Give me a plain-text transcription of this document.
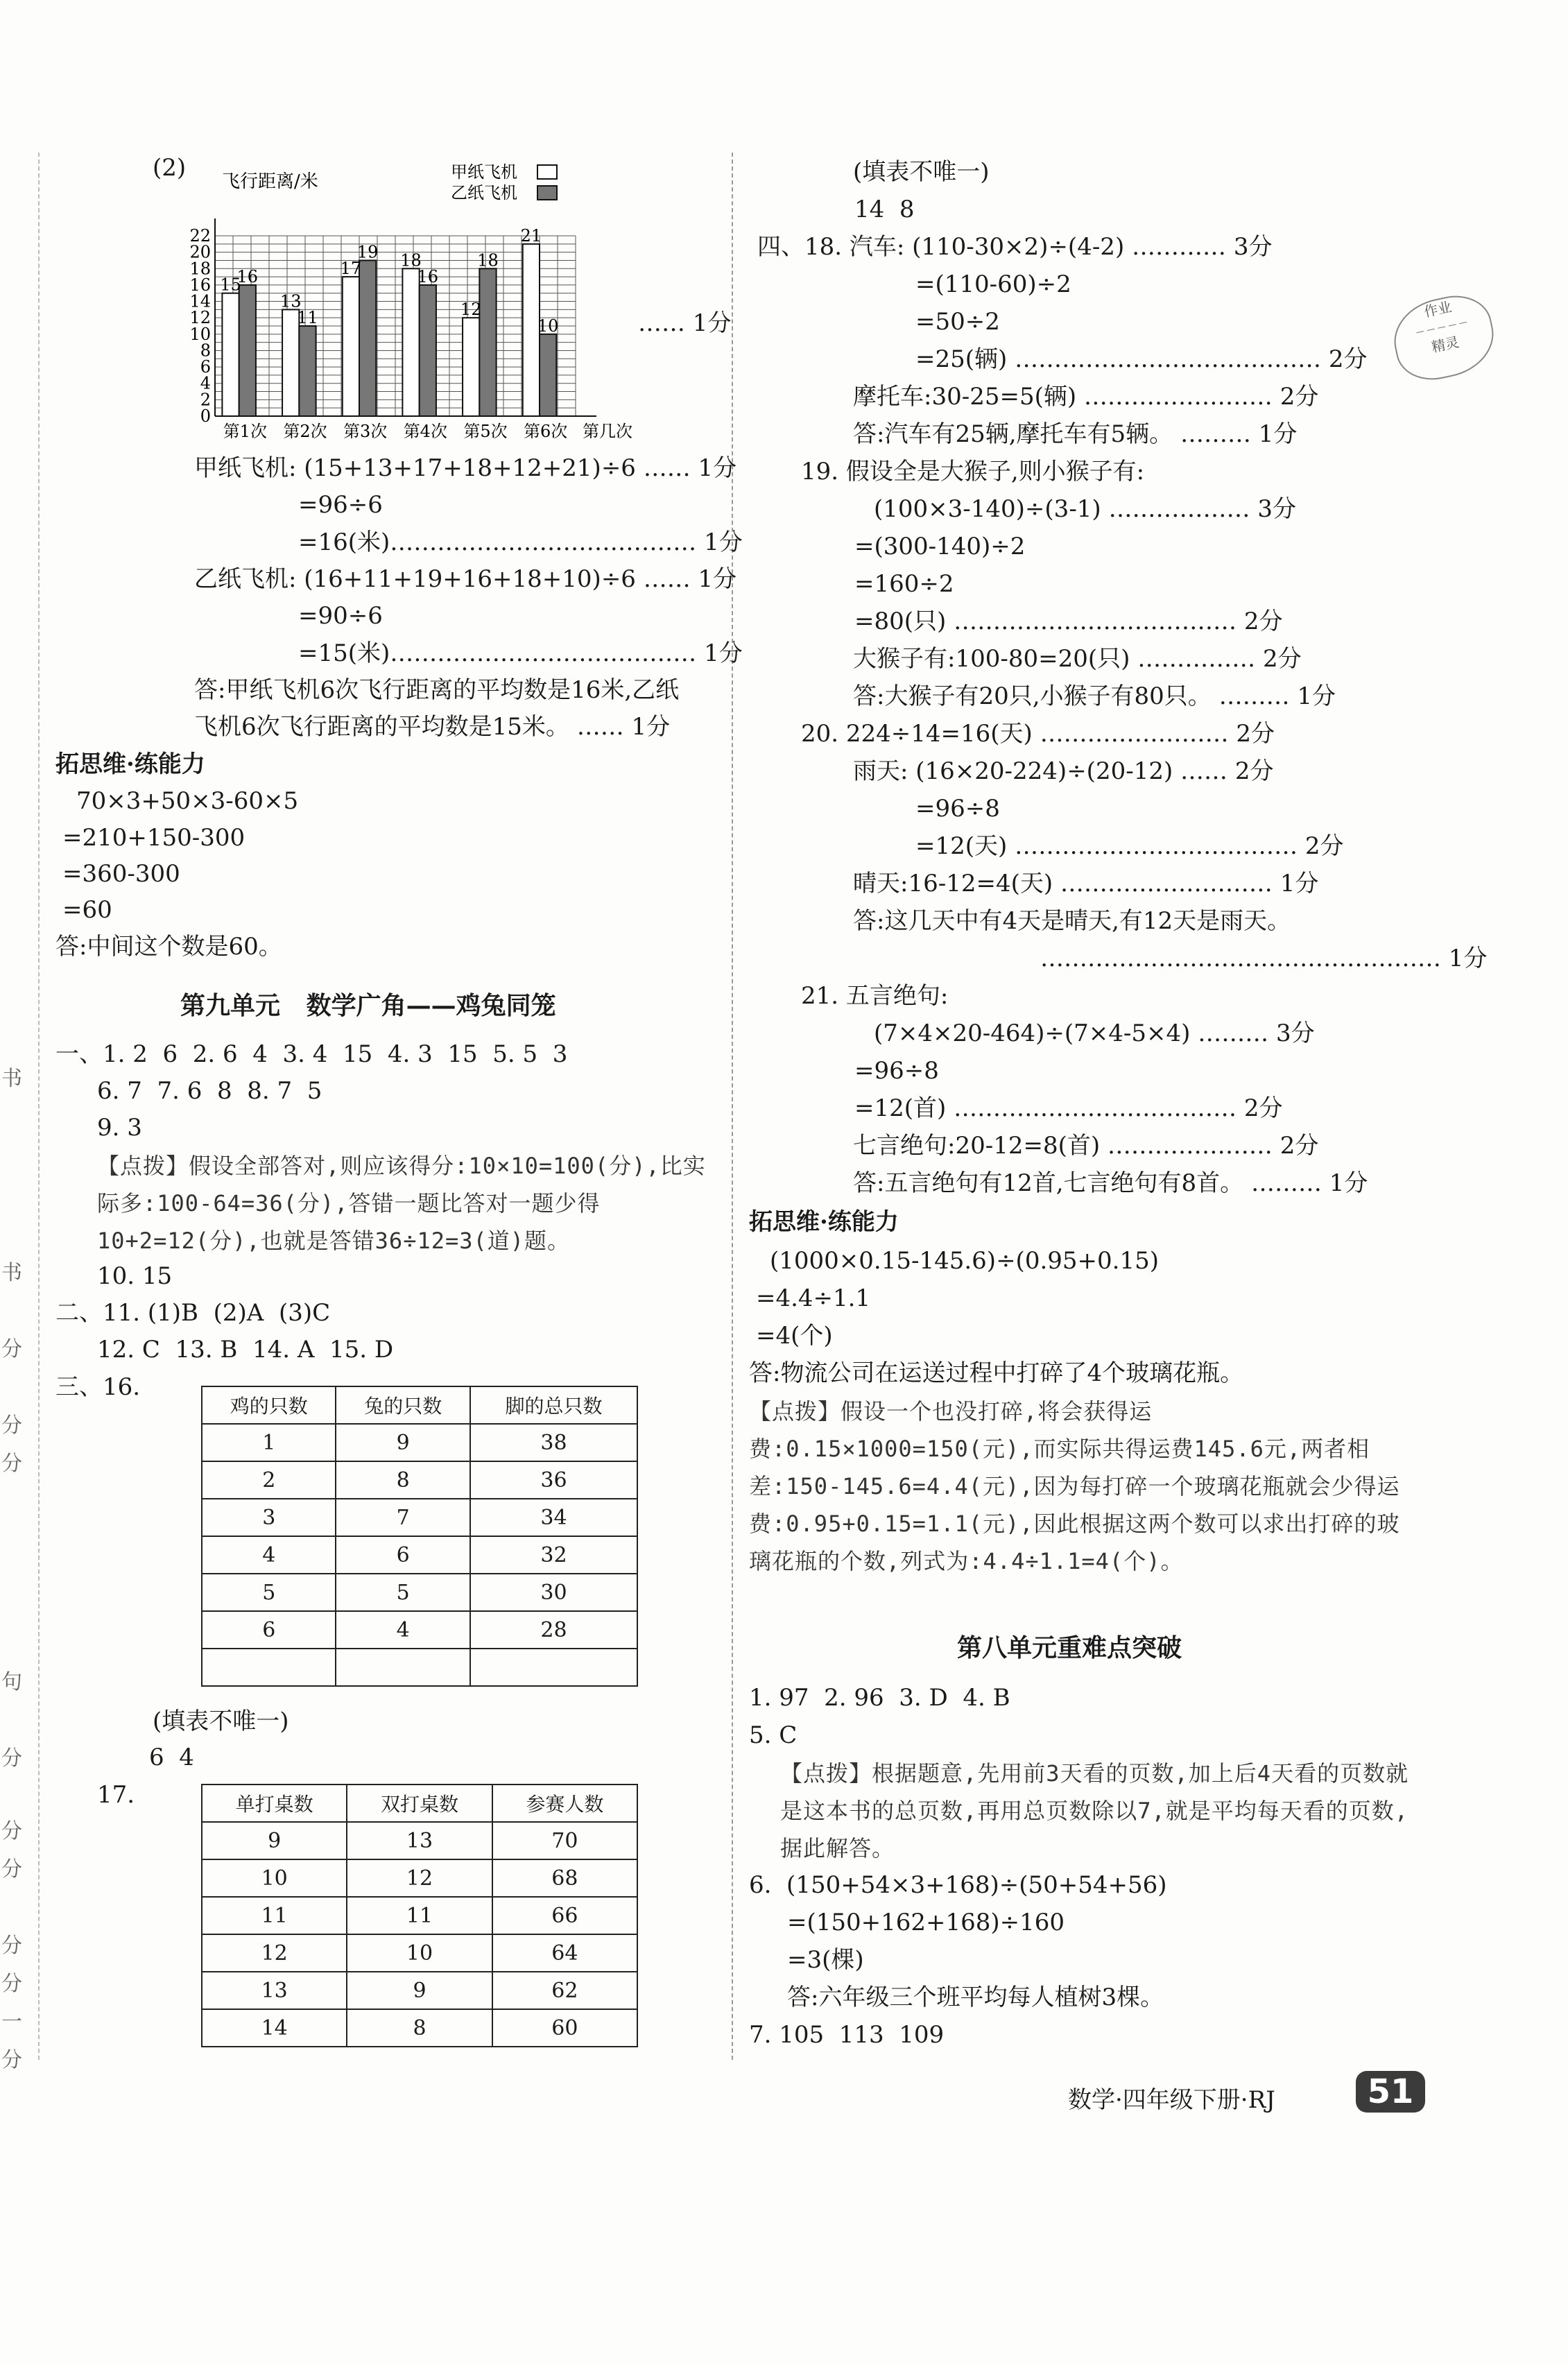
书
书
分
分
分
句
分
分
分
分
分
一
分
(2) 飞行距离/米
0
2
4
6
8
10
12
14
16
18
20
22
15
16
第1次
13
11
第2次
17
19
第3次
18
16
第4次
12
18
第5次
21
10
第6次 第几次
甲纸飞机
乙纸飞机
…… 1分
甲纸飞机: (15+13+17+18+12+21)÷6 …… 1分
=96÷6
=16(米)………………………………… 1分
乙纸飞机: (16+11+19+16+18+10)÷6 …… 1分
=90÷6
=15(米)………………………………… 1分
答:甲纸飞机6次飞行距离的平均数是16米,乙纸
飞机6次飞行距离的平均数是15米。 …… 1分
拓思维·练能力
70×3+50×3-60×5
=210+150-300
=360-300
=60
答:中间这个数是60。
第九单元   数学广角——鸡兔同笼
一、1. 2  6  2. 6  4  3. 4  15  4. 3  15  5. 5  3
6. 7  7. 6  8  8. 7  5
9. 3
【点拨】假设全部答对,则应该得分:10×10=100(分),比实际多:100-64=36(分),答错一题比答对一题少得10+2=12(分),也就是答错36÷12=3(道)题。
10. 15
二、11. (1)B  (2)A  (3)C
12. C  13. B  14. A  15. D
三、16.
鸡的只数	兔的只数	脚的总只数
1	9	38
2	8	36
3	7	34
4	6	32
5	5	30
6	4	28

(填表不唯一)
6  4
17.	单打桌数	双打桌数	参赛人数
9	13	70
10	12	68
11	11	66
12	10	64
13	9	62
14	8	60
(填表不唯一)
14  8
四、18. 汽车: (110-30×2)÷(4-2) ………… 3分
=(110-60)÷2
=50÷2
=25(辆) ………………………………… 2分
摩托车:30-25=5(辆) …………………… 2分
答:汽车有25辆,摩托车有5辆。 ……… 1分
19. 假设全是大猴子,则小猴子有:
(100×3-140)÷(3-1) ……………… 3分
=(300-140)÷2
=160÷2
=80(只) ……………………………… 2分
大猴子有:100-80=20(只) …………… 2分
答:大猴子有20只,小猴子有80只。 ……… 1分
20. 224÷14=16(天) …………………… 2分
雨天: (16×20-224)÷(20-12) …… 2分
=96÷8
=12(天) ……………………………… 2分
晴天:16-12=4(天) ……………………… 1分
答:这几天中有4天是晴天,有12天是雨天。
…………………………………………… 1分
21. 五言绝句:
(7×4×20-464)÷(7×4-5×4) ……… 3分
=96÷8
=12(首) ……………………………… 2分
七言绝句:20-12=8(首) ………………… 2分
答:五言绝句有12首,七言绝句有8首。 ……… 1分
拓思维·练能力
(1000×0.15-145.6)÷(0.95+0.15)
=4.4÷1.1
=4(个)
答:物流公司在运送过程中打碎了4个玻璃花瓶。
【点拨】假设一个也没打碎,将会获得运费:0.15×1000=150(元),而实际共得运费145.6元,两者相差:150-145.6=4.4(元),因为每打碎一个玻璃花瓶就会少得运费:0.95+0.15=1.1(元),因此根据这两个数可以求出打碎的玻璃花瓶的个数,列式为:4.4÷1.1=4(个)。
第八单元重难点突破
1. 97  2. 96  3. D  4. B
5. C
【点拨】根据题意,先用前3天看的页数,加上后4天看的页数就是这本书的总页数,再用总页数除以7,就是平均每天看的页数,据此解答。
6.  (150+54×3+168)÷(50+54+56)
=(150+162+168)÷160
=3(棵)
答:六年级三个班平均每人植树3棵。
7. 105  113  109
作业
— — — — —
精灵
数学·四年级下册·RJ	51
